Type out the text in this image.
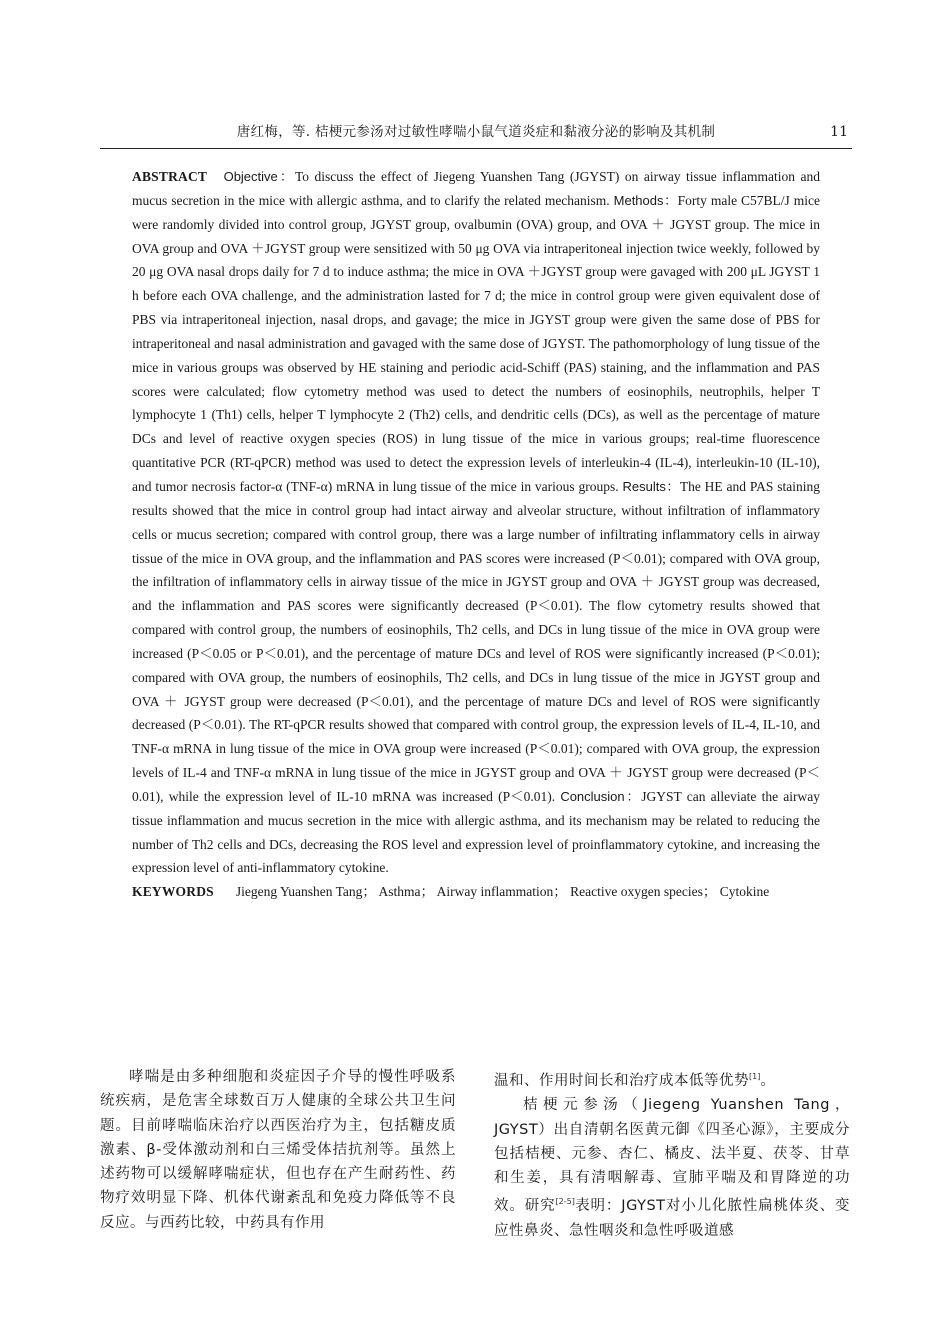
唐红梅，等. 桔梗元参汤对过敏性哮喘小鼠气道炎症和黏液分泌的影响及其机制	11

ABSTRACT Objective：To discuss the effect of Jiegeng Yuanshen Tang (JGYST) on airway tissue inflammation and mucus secretion in the mice with allergic asthma, and to clarify the related mechanism. Methods：Forty male C57BL/J mice were randomly divided into control group, JGYST group, ovalbumin (OVA) group, and OVA ＋ JGYST group. The mice in OVA group and OVA ＋JGYST group were sensitized with 50 μg OVA via intraperitoneal injection twice weekly, followed by 20 μg OVA nasal drops daily for 7 d to induce asthma; the mice in OVA ＋JGYST group were gavaged with 200 μL JGYST 1 h before each OVA challenge, and the administration lasted for 7 d; the mice in control group were given equivalent dose of PBS via intraperitoneal injection, nasal drops, and gavage; the mice in JGYST group were given the same dose of PBS for intraperitoneal and nasal administration and gavaged with the same dose of JGYST. The pathomorphology of lung tissue of the mice in various groups was observed by HE staining and periodic acid-Schiff (PAS) staining, and the inflammation and PAS scores were calculated; flow cytometry method was used to detect the numbers of eosinophils, neutrophils, helper T lymphocyte 1 (Th1) cells, helper T lymphocyte 2 (Th2) cells, and dendritic cells (DCs), as well as the percentage of mature DCs and level of reactive oxygen species (ROS) in lung tissue of the mice in various groups; real-time fluorescence quantitative PCR (RT-qPCR) method was used to detect the expression levels of interleukin-4 (IL-4), interleukin-10 (IL-10), and tumor necrosis factor-α (TNF-α) mRNA in lung tissue of the mice in various groups. Results：The HE and PAS staining results showed that the mice in control group had intact airway and alveolar structure, without infiltration of inflammatory cells or mucus secretion; compared with control group, there was a large number of infiltrating inflammatory cells in airway tissue of the mice in OVA group, and the inflammation and PAS scores were increased (P＜0.01); compared with OVA group, the infiltration of inflammatory cells in airway tissue of the mice in JGYST group and OVA ＋ JGYST group was decreased, and the inflammation and PAS scores were significantly decreased (P＜0.01). The flow cytometry results showed that compared with control group, the numbers of eosinophils, Th2 cells, and DCs in lung tissue of the mice in OVA group were increased (P＜0.05 or P＜0.01), and the percentage of mature DCs and level of ROS were significantly increased (P＜0.01); compared with OVA group, the numbers of eosinophils, Th2 cells, and DCs in lung tissue of the mice in JGYST group and OVA ＋ JGYST group were decreased (P＜0.01), and the percentage of mature DCs and level of ROS were significantly decreased (P＜0.01). The RT-qPCR results showed that compared with control group, the expression levels of IL-4, IL-10, and TNF-α mRNA in lung tissue of the mice in OVA group were increased (P＜0.01); compared with OVA group, the expression levels of IL-4 and TNF-α mRNA in lung tissue of the mice in JGYST group and OVA ＋ JGYST group were decreased (P＜0.01), while the expression level of IL-10 mRNA was increased (P＜0.01). Conclusion：JGYST can alleviate the airway tissue inflammation and mucus secretion in the mice with allergic asthma, and its mechanism may be related to reducing the number of Th2 cells and DCs, decreasing the ROS level and expression level of proinflammatory cytokine, and increasing the expression level of anti-inflammatory cytokine.

KEYWORDS Jiegeng Yuanshen Tang； Asthma； Airway inflammation； Reactive oxygen species； Cytokine

哮喘是由多种细胞和炎症因子介导的慢性呼吸系统疾病，是危害全球数百万人健康的全球公共卫生问题。目前哮喘临床治疗以西医治疗为主，包括糖皮质激素、β-受体激动剂和白三烯受体拮抗剂等。虽然上述药物可以缓解哮喘症状，但也存在产生耐药性、药物疗效明显下降、机体代谢紊乱和免疫力降低等不良反应。与西药比较，中药具有作用

温和、作用时间长和治疗成本低等优势[1]。

桔梗元参汤（Jiegeng Yuanshen Tang，JGYST）出自清朝名医黄元御《四圣心源》，主要成分包括桔梗、元参、杏仁、橘皮、法半夏、茯苓、甘草和生姜，具有清咽解毒、宣肺平喘及和胃降逆的功效。研究[2-5]表明：JGYST对小儿化脓性扁桃体炎、变应性鼻炎、急性咽炎和急性呼吸道感
